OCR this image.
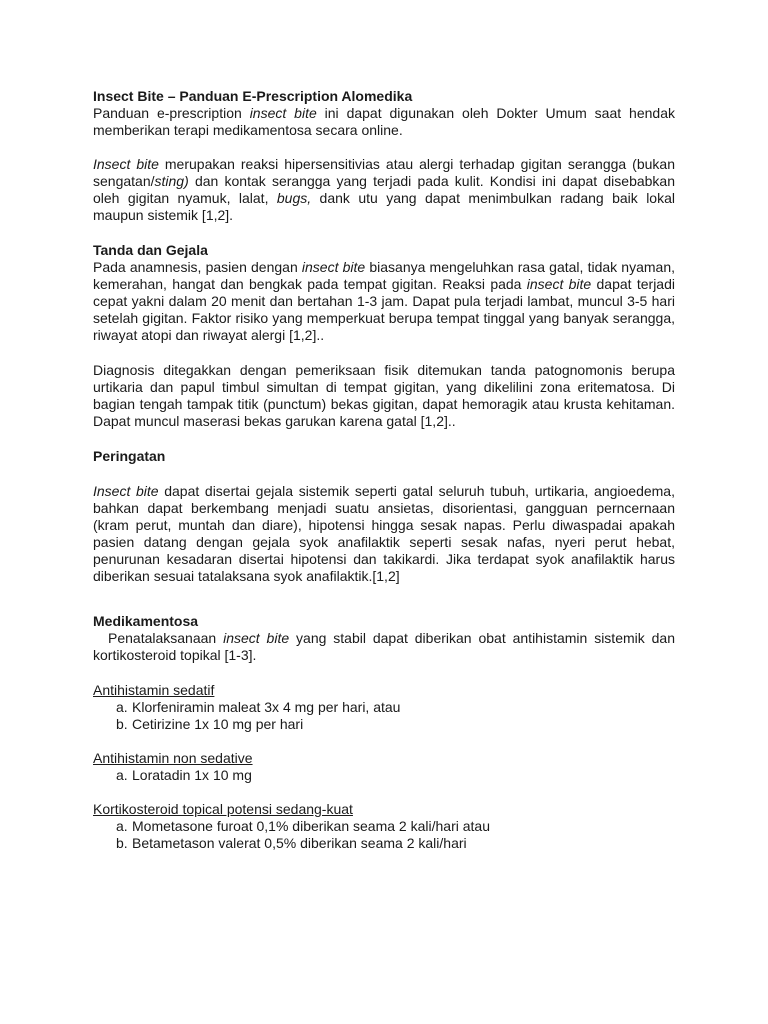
Insect Bite – Panduan E-Prescription Alomedika

Panduan e-prescription insect bite ini dapat digunakan oleh Dokter Umum saat hendak memberikan terapi medikamentosa secara online.

Insect bite merupakan reaksi hipersensitivias atau alergi terhadap gigitan serangga (bukan sengatan/sting) dan kontak serangga yang terjadi pada kulit. Kondisi ini dapat disebabkan oleh gigitan nyamuk, lalat, bugs, dank utu yang dapat menimbulkan radang baik lokal maupun sistemik [1,2].

Tanda dan Gejala

Pada anamnesis, pasien dengan insect bite biasanya mengeluhkan rasa gatal, tidak nyaman, kemerahan, hangat dan bengkak pada tempat gigitan. Reaksi pada insect bite dapat terjadi cepat yakni dalam 20 menit dan bertahan 1-3 jam. Dapat pula terjadi lambat, muncul 3-5 hari setelah gigitan. Faktor risiko yang memperkuat berupa tempat tinggal yang banyak serangga, riwayat atopi dan riwayat alergi [1,2]..

Diagnosis ditegakkan dengan pemeriksaan fisik ditemukan tanda patognomonis berupa urtikaria dan papul timbul simultan di tempat gigitan, yang dikelilini zona eritematosa. Di bagian tengah tampak titik (punctum) bekas gigitan, dapat hemoragik atau krusta kehitaman. Dapat muncul maserasi bekas garukan karena gatal [1,2]..

Peringatan

Insect bite dapat disertai gejala sistemik seperti gatal seluruh tubuh, urtikaria, angioedema, bahkan dapat berkembang menjadi suatu ansietas, disorientasi, gangguan perncernaan (kram perut, muntah dan diare), hipotensi hingga sesak napas. Perlu diwaspadai apakah pasien datang dengan gejala syok anafilaktik seperti sesak nafas, nyeri perut hebat, penurunan kesadaran disertai hipotensi dan takikardi. Jika terdapat syok anafilaktik harus diberikan sesuai tatalaksana syok anafilaktik.[1,2]

Medikamentosa

Penatalaksanaan insect bite yang stabil dapat diberikan obat antihistamin sistemik dan kortikosteroid topikal [1-3].

Antihistamin sedatif

a. Klorfeniramin maleat 3x 4 mg per hari, atau
b. Cetirizine 1x 10 mg per hari

Antihistamin non sedative

a. Loratadin 1x 10 mg

Kortikosteroid topical potensi sedang-kuat

a. Mometasone furoat 0,1% diberikan seama 2 kali/hari atau
b. Betametason valerat 0,5% diberikan seama 2 kali/hari
